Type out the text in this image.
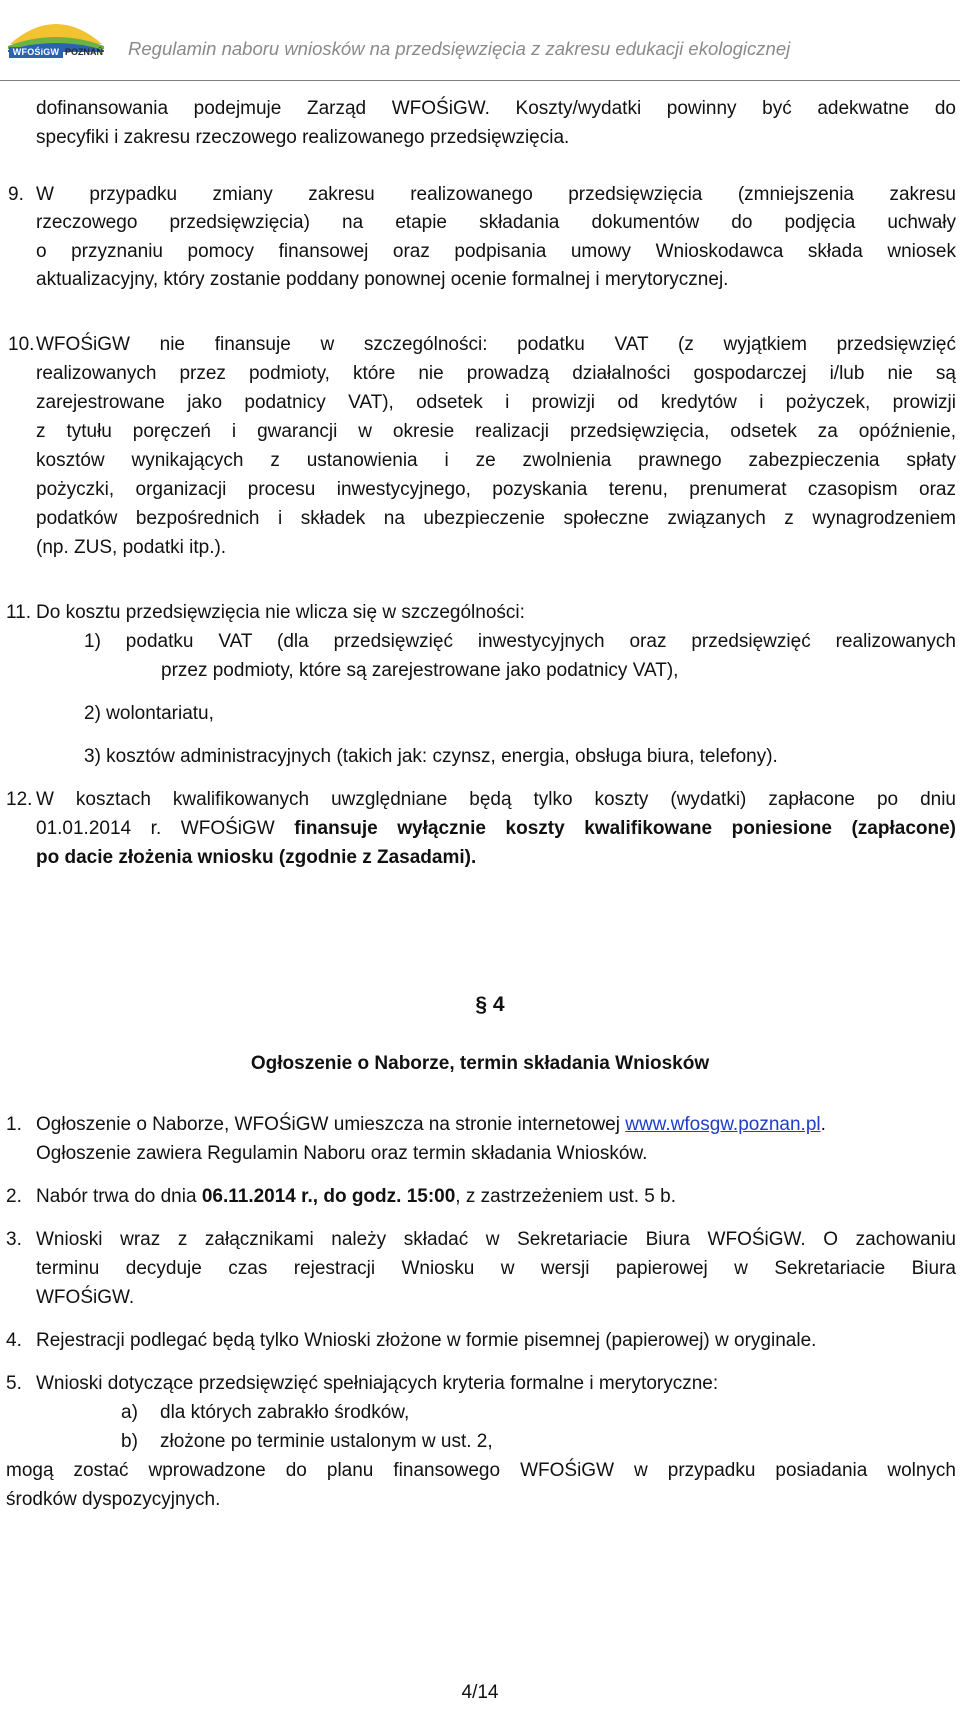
WFOŚiGW POZNAŃ Regulamin naboru wniosków na przedsięwzięcia z zakresu edukacji ekologicznej
dofinansowania podejmuje Zarząd WFOŚiGW. Koszty/wydatki powinny być adekwatne do
specyfiki i zakresu rzeczowego realizowanego przedsięwzięcia.
9. W przypadku zmiany zakresu realizowanego przedsięwzięcia (zmniejszenia zakresu
rzeczowego przedsięwzięcia) na etapie składania dokumentów do podjęcia uchwały
o przyznaniu pomocy finansowej oraz podpisania umowy Wnioskodawca składa wniosek
aktualizacyjny, który zostanie poddany ponownej ocenie formalnej i merytorycznej.
10. WFOŚiGW nie finansuje w szczególności: podatku VAT (z wyjątkiem przedsięwzięć
realizowanych przez podmioty, które nie prowadzą działalności gospodarczej i/lub nie są
zarejestrowane jako podatnicy VAT), odsetek i prowizji od kredytów i pożyczek, prowizji
z tytułu poręczeń i gwarancji w okresie realizacji przedsięwzięcia, odsetek za opóźnienie,
kosztów wynikających z ustanowienia i ze zwolnienia prawnego zabezpieczenia spłaty
pożyczki, organizacji procesu inwestycyjnego, pozyskania terenu, prenumerat czasopism oraz
podatków bezpośrednich i składek na ubezpieczenie społeczne związanych z wynagrodzeniem
(np. ZUS, podatki itp.).
11. Do kosztu przedsięwzięcia nie wlicza się w szczególności:
1) podatku VAT (dla przedsięwzięć inwestycyjnych oraz przedsięwzięć realizowanych
przez podmioty, które są zarejestrowane jako podatnicy VAT),
2) wolontariatu,
3) kosztów administracyjnych (takich jak: czynsz, energia, obsługa biura, telefony).
12. W kosztach kwalifikowanych uwzględniane będą tylko koszty (wydatki) zapłacone po dniu
01.01.2014 r. WFOŚiGW finansuje wyłącznie koszty kwalifikowane poniesione (zapłacone)
po dacie złożenia wniosku (zgodnie z Zasadami).
§ 4
Ogłoszenie o Naborze, termin składania Wniosków
1. Ogłoszenie o Naborze, WFOŚiGW umieszcza na stronie internetowej www.wfosgw.poznan.pl.
Ogłoszenie zawiera Regulamin Naboru oraz termin składania Wniosków.
2. Nabór trwa do dnia 06.11.2014 r., do godz. 15:00, z zastrzeżeniem ust. 5 b.
3. Wnioski wraz z załącznikami należy składać w Sekretariacie Biura WFOŚiGW. O zachowaniu
terminu decyduje czas rejestracji Wniosku w wersji papierowej w Sekretariacie Biura
WFOŚiGW.
4. Rejestracji podlegać będą tylko Wnioski złożone w formie pisemnej (papierowej) w oryginale.
5. Wnioski dotyczące przedsięwzięć spełniających kryteria formalne i merytoryczne:
a) dla których zabrakło środków,
b) złożone po terminie ustalonym w ust. 2,
mogą zostać wprowadzone do planu finansowego WFOŚiGW w przypadku posiadania wolnych
środków dyspozycyjnych.
4/14
